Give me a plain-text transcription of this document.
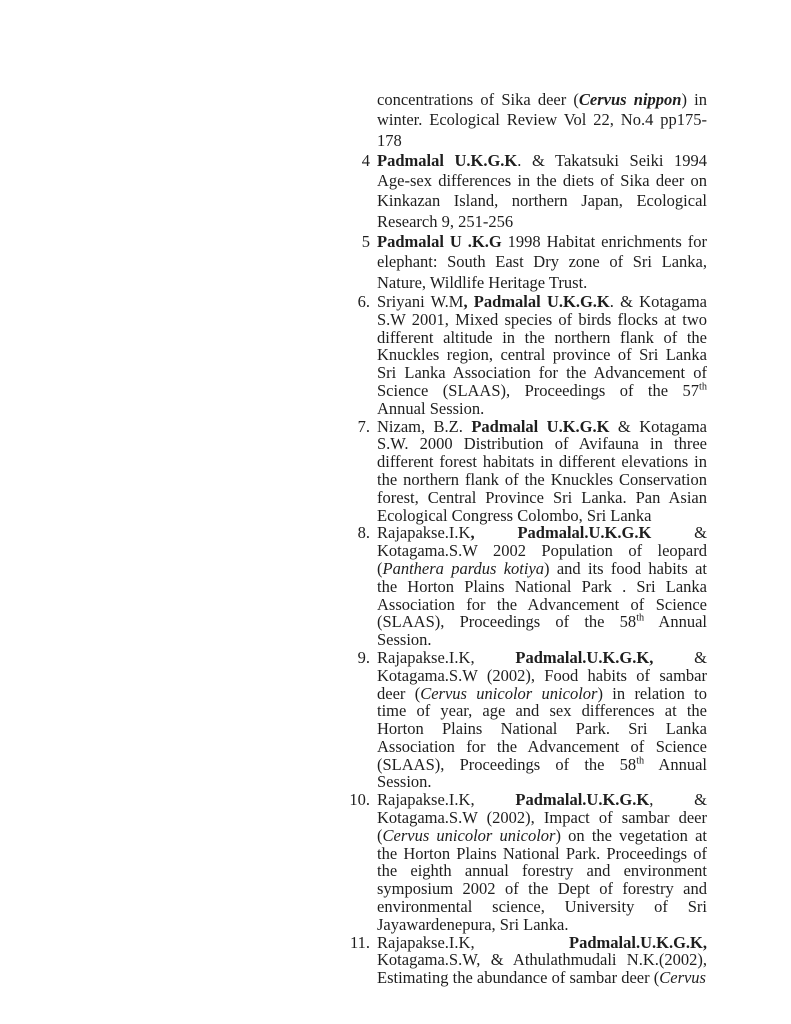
concentrations of Sika deer (Cervus nippon) in winter. Ecological Review Vol 22, No.4 pp175-178

4 Padmalal U.K.G.K. & Takatsuki Seiki 1994 Age-sex differences in the diets of Sika deer on Kinkazan Island, northern Japan, Ecological Research 9, 251-256

5 Padmalal U .K.G 1998 Habitat enrichments for elephant: South East Dry zone of Sri Lanka, Nature, Wildlife Heritage Trust.

6. Sriyani W.M, Padmalal U.K.G.K. & Kotagama S.W 2001, Mixed species of birds flocks at two different altitude in the northern flank of the Knuckles region, central province of Sri Lanka Sri Lanka Association for the Advancement of Science (SLAAS), Proceedings of the 57th Annual Session.

7. Nizam, B.Z. Padmalal U.K.G.K & Kotagama S.W. 2000 Distribution of Avifauna in three different forest habitats in different elevations in the northern flank of the Knuckles Conservation forest, Central Province Sri Lanka. Pan Asian Ecological Congress Colombo, Sri Lanka

8. Rajapakse.I.K, Padmalal.U.K.G.K & Kotagama.S.W 2002 Population of leopard (Panthera pardus kotiya) and its food habits at the Horton Plains National Park . Sri Lanka Association for the Advancement of Science (SLAAS), Proceedings of the 58th Annual Session.

9. Rajapakse.I.K, Padmalal.U.K.G.K, & Kotagama.S.W (2002), Food habits of sambar deer (Cervus unicolor unicolor) in relation to time of year, age and sex differences at the Horton Plains National Park. Sri Lanka Association for the Advancement of Science (SLAAS), Proceedings of the 58th Annual Session.

10. Rajapakse.I.K, Padmalal.U.K.G.K, & Kotagama.S.W (2002), Impact of sambar deer (Cervus unicolor unicolor) on the vegetation at the Horton Plains National Park. Proceedings of the eighth annual forestry and environment symposium 2002 of the Dept of forestry and environmental science, University of Sri Jayawardenepura, Sri Lanka.

11. Rajapakse.I.K, Padmalal.U.K.G.K, Kotagama.S.W, & Athulathmudali N.K.(2002), Estimating the abundance of sambar deer (Cervus
